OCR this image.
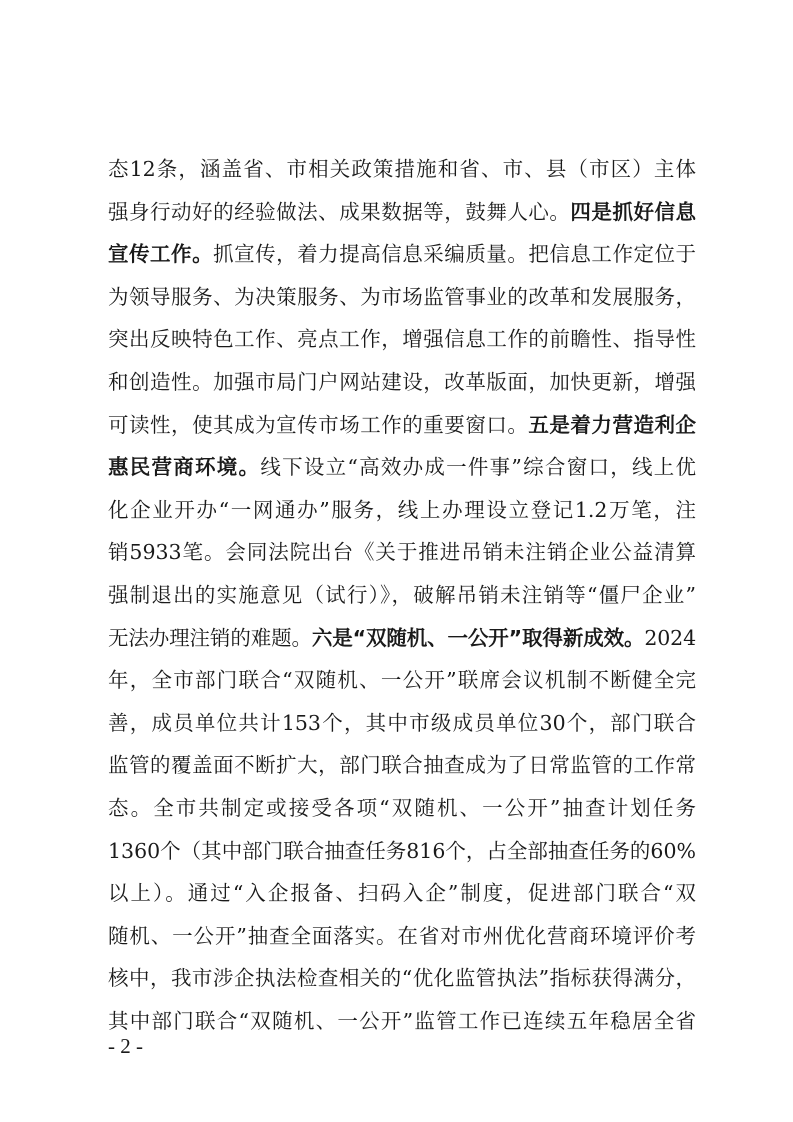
态12条，涵盖省、市相关政策措施和省、市、县（市区）主体
强身行动好的经验做法、成果数据等，鼓舞人心。四是抓好信息
宣传工作。抓宣传，着力提高信息采编质量。把信息工作定位于
为领导服务、为决策服务、为市场监管事业的改革和发展服务，
突出反映特色工作、亮点工作，增强信息工作的前瞻性、指导性
和创造性。加强市局门户网站建设，改革版面，加快更新，增强
可读性，使其成为宣传市场工作的重要窗口。五是着力营造利企
惠民营商环境。线下设立“高效办成一件事”综合窗口，线上优
化企业开办“一网通办”服务，线上办理设立登记1.2万笔，注
销5933笔。会同法院出台《关于推进吊销未注销企业公益清算
强制退出的实施意见（试行）》，破解吊销未注销等“僵尸企业”
无法办理注销的难题。六是“双随机、一公开”取得新成效。2024
年，全市部门联合“双随机、一公开”联席会议机制不断健全完
善，成员单位共计153个，其中市级成员单位30个，部门联合
监管的覆盖面不断扩大，部门联合抽查成为了日常监管的工作常
态。全市共制定或接受各项“双随机、一公开”抽查计划任务
1360个（其中部门联合抽查任务816个，占全部抽查任务的60%
以上）。通过“入企报备、扫码入企”制度，促进部门联合“双
随机、一公开”抽查全面落实。在省对市州优化营商环境评价考
核中，我市涉企执法检查相关的“优化监管执法”指标获得满分，
其中部门联合“双随机、一公开”监管工作已连续五年稳居全省
- 2 -
